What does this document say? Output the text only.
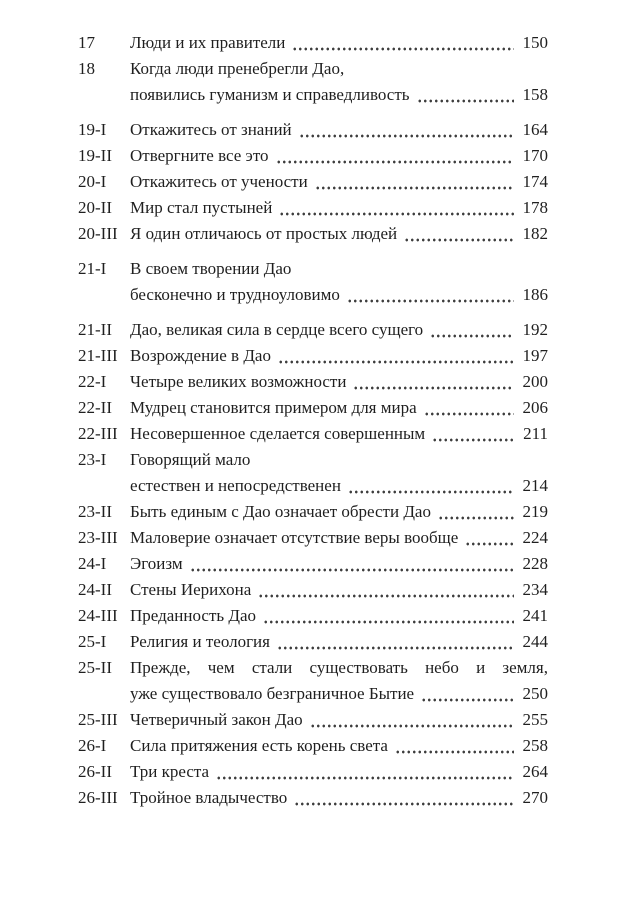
17	Люди и их правители	150
18	Когда люди пренебрегли Дао,
появились гуманизм и справедливость	158
19-I	Откажитесь от знаний	164
19-II	Отвергните все это	170
20-I	Откажитесь от учености	174
20-II	Мир стал пустыней	178
20-III Я один отличаюсь от простых людей	182
21-I	В своем творении Дао
бесконечно и трудноуловимо	186
21-II	Дао, великая сила в сердце всего сущего	192
21-III Возрождение в Дао	197
22-I	Четыре великих возможности	200
22-II	Мудрец становится примером для мира	206
22-III Несовершенное сделается совершенным	211
23-I	Говорящий мало
естествен и непосредственен	214
23-II	Быть единым с Дао означает обрести Дао	219
23-III Маловерие означает отсутствие веры вообще	224
24-I	Эгоизм	228
24-II	Стены Иерихона	234
24-III Преданность Дао	241
25-I	Религия и теология	244
25-II	Прежде, чем стали существовать небо и земля,
уже существовало безграничное Бытие	250
25-III Четверичный закон Дао	255
26-I	Сила притяжения есть корень света	258
26-II	Три креста	264
26-III Тройное владычество	270
